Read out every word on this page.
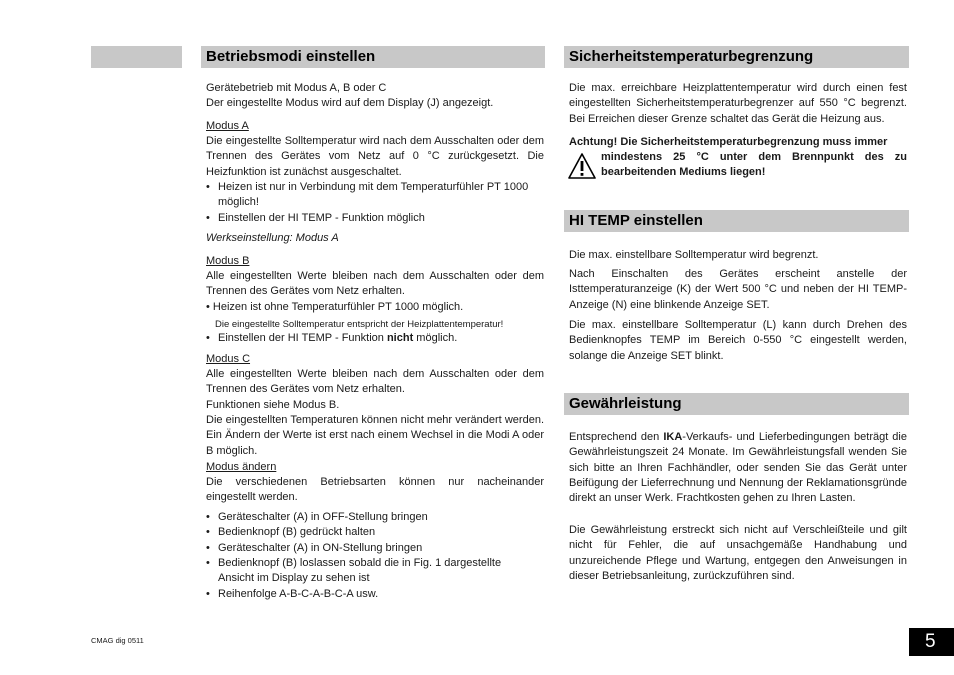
Betriebsmodi einstellen
Gerätebetrieb mit Modus A, B oder C
Der eingestellte Modus wird auf dem Display (J) angezeigt.
Modus A
Die eingestellte Solltemperatur wird nach dem Ausschalten oder dem Trennen des Gerätes vom Netz auf 0 °C zurückgesetzt. Die Heizfunktion ist zunächst ausgeschaltet.
• Heizen ist nur in Verbindung mit dem Temperaturfühler PT 1000
möglich!
• Einstellen der HI TEMP - Funktion möglich
Werkseinstellung: Modus A
Modus B
Alle eingestellten Werte bleiben nach dem Ausschalten oder dem Trennen des Gerätes vom Netz erhalten.
• Heizen ist ohne Temperaturfühler PT 1000 möglich.
Die eingestellte Solltemperatur entspricht der Heizplattentemperatur!
• Einstellen der HI TEMP - Funktion nicht möglich.
Modus C
Alle eingestellten Werte bleiben nach dem Ausschalten oder dem Trennen des Gerätes vom Netz erhalten.
Funktionen siehe Modus B.
Die eingestellten Temperaturen können nicht mehr verändert werden. Ein Ändern der Werte ist erst nach einem Wechsel in die Modi A oder B möglich.
Modus ändern
Die verschiedenen Betriebsarten können nur nacheinander eingestellt werden.
• Geräteschalter (A) in OFF-Stellung bringen
• Bedienknopf (B) gedrückt halten
• Geräteschalter (A) in ON-Stellung bringen
• Bedienknopf (B) loslassen sobald die in Fig. 1 dargestellte
Ansicht im Display zu sehen ist
• Reihenfolge A-B-C-A-B-C-A usw.
Sicherheitstemperaturbegrenzung
Die max. erreichbare Heizplattentemperatur wird durch einen fest eingestellten Sicherheitstemperaturbegrenzer auf 550 °C begrenzt. Bei Erreichen dieser Grenze schaltet das Gerät die Heizung aus.
Achtung! Die Sicherheitstemperaturbegrenzung muss immer
mindestens 25 °C unter dem Brennpunkt des zu bearbeitenden Mediums liegen!
HI TEMP einstellen
Die max. einstellbare Solltemperatur wird begrenzt.
Nach Einschalten des Gerätes erscheint anstelle der Isttemperaturanzeige (K) der Wert 500 °C und neben der HI TEMP-Anzeige (N) eine blinkende Anzeige SET.
Die max. einstellbare Solltemperatur (L) kann durch Drehen des Bedienknopfes TEMP im Bereich 0-550 °C eingestellt werden, solange die Anzeige SET blinkt.
Gewährleistung
Entsprechend den IKA-Verkaufs- und Lieferbedingungen beträgt die Gewährleistungszeit 24 Monate. Im Gewährleistungsfall wenden Sie sich bitte an Ihren Fachhändler, oder senden Sie das Gerät unter Beifügung der Lieferrechnung und Nennung der Reklamationsgründe direkt an unser Werk. Frachtkosten gehen zu Ihren Lasten.
Die Gewährleistung erstreckt sich nicht auf Verschleißteile und gilt nicht für Fehler, die auf unsachgemäße Handhabung und unzureichende Pflege und Wartung, entgegen den Anweisungen in dieser Betriebsanleitung, zurückzuführen sind.
CMAG dig 0511	5
